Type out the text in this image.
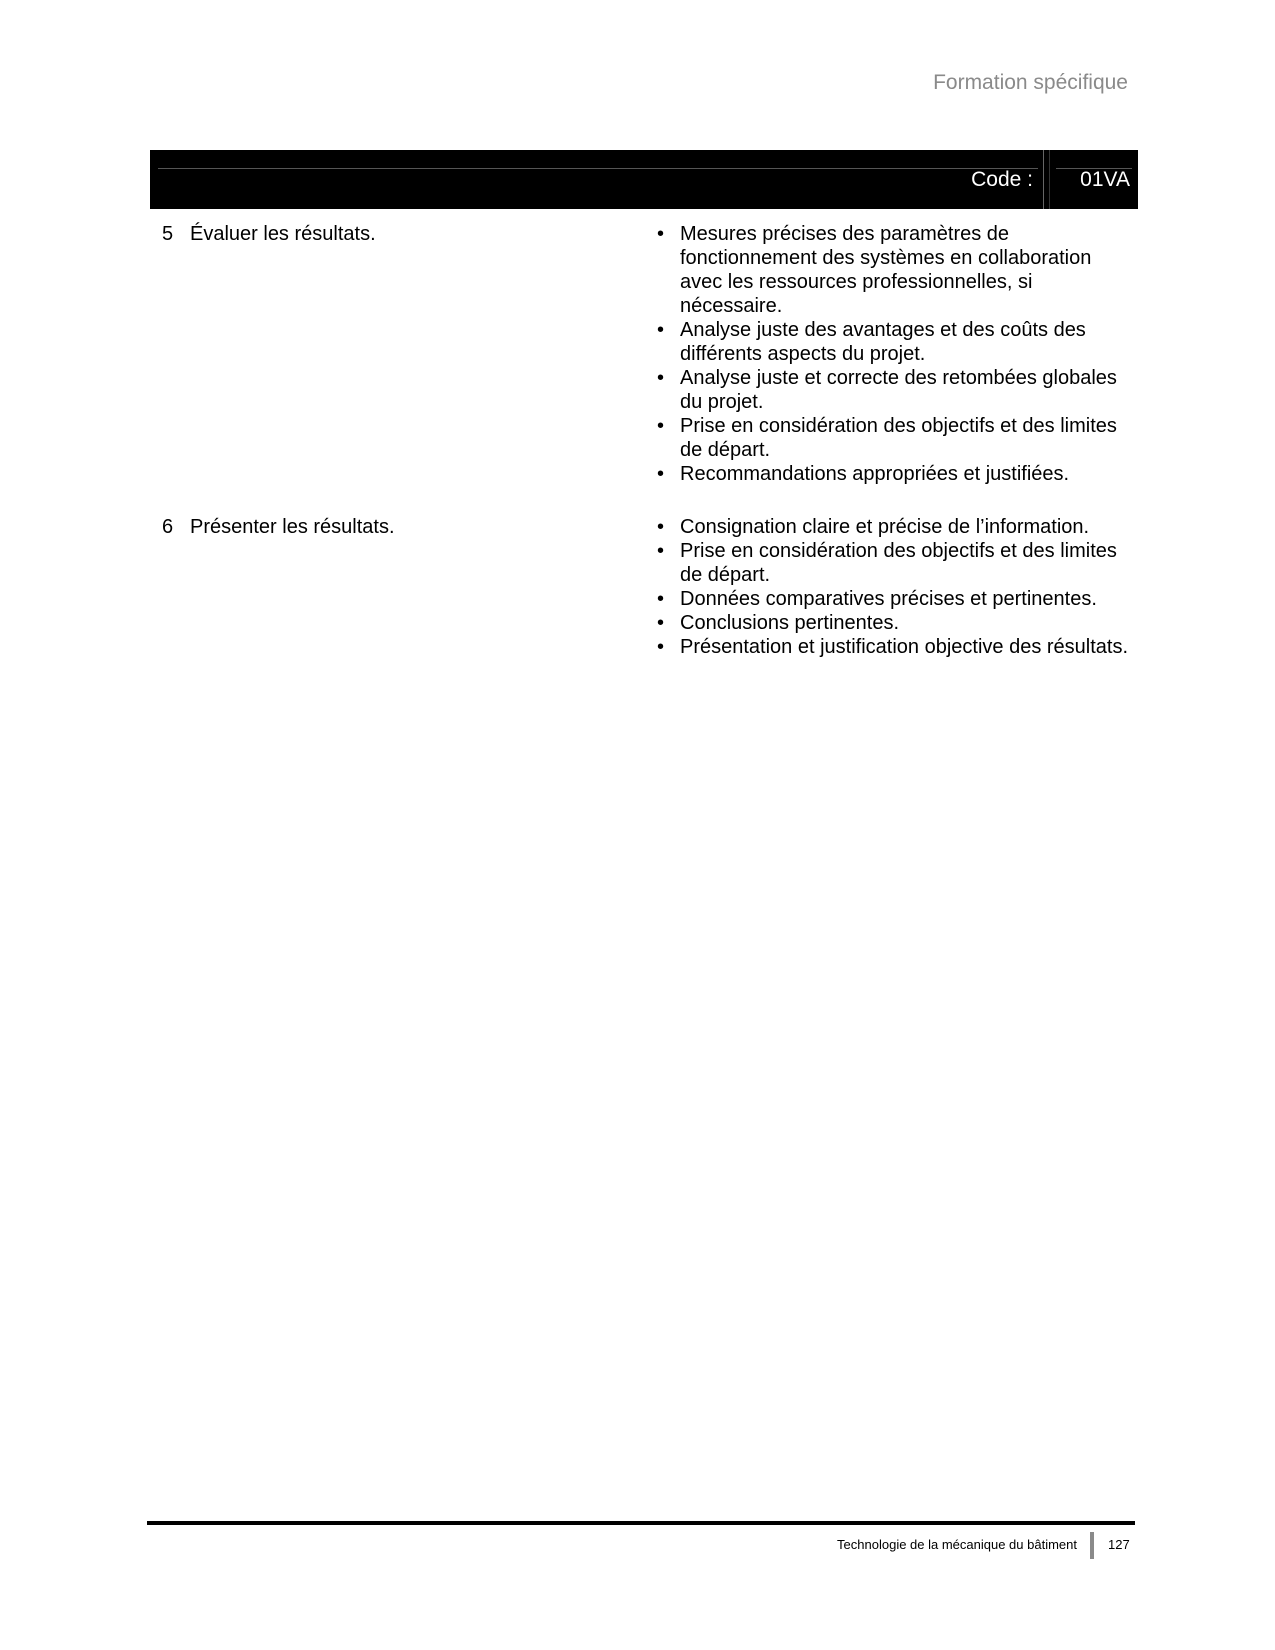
Formation spécifique
Code : 01VA
5 Évaluer les résultats.	• Mesures précises des paramètres de fonctionnement des systèmes en collaboration avec les ressources professionnelles, si nécessaire.
• Analyse juste des avantages et des coûts des différents aspects du projet.
• Analyse juste et correcte des retombées globales du projet.
• Prise en considération des objectifs et des limites de départ.
• Recommandations appropriées et justifiées.
6 Présenter les résultats.	• Consignation claire et précise de l’information.
• Prise en considération des objectifs et des limites de départ.
• Données comparatives précises et pertinentes.
• Conclusions pertinentes.
• Présentation et justification objective des résultats.
Technologie de la mécanique du bâtiment 127
